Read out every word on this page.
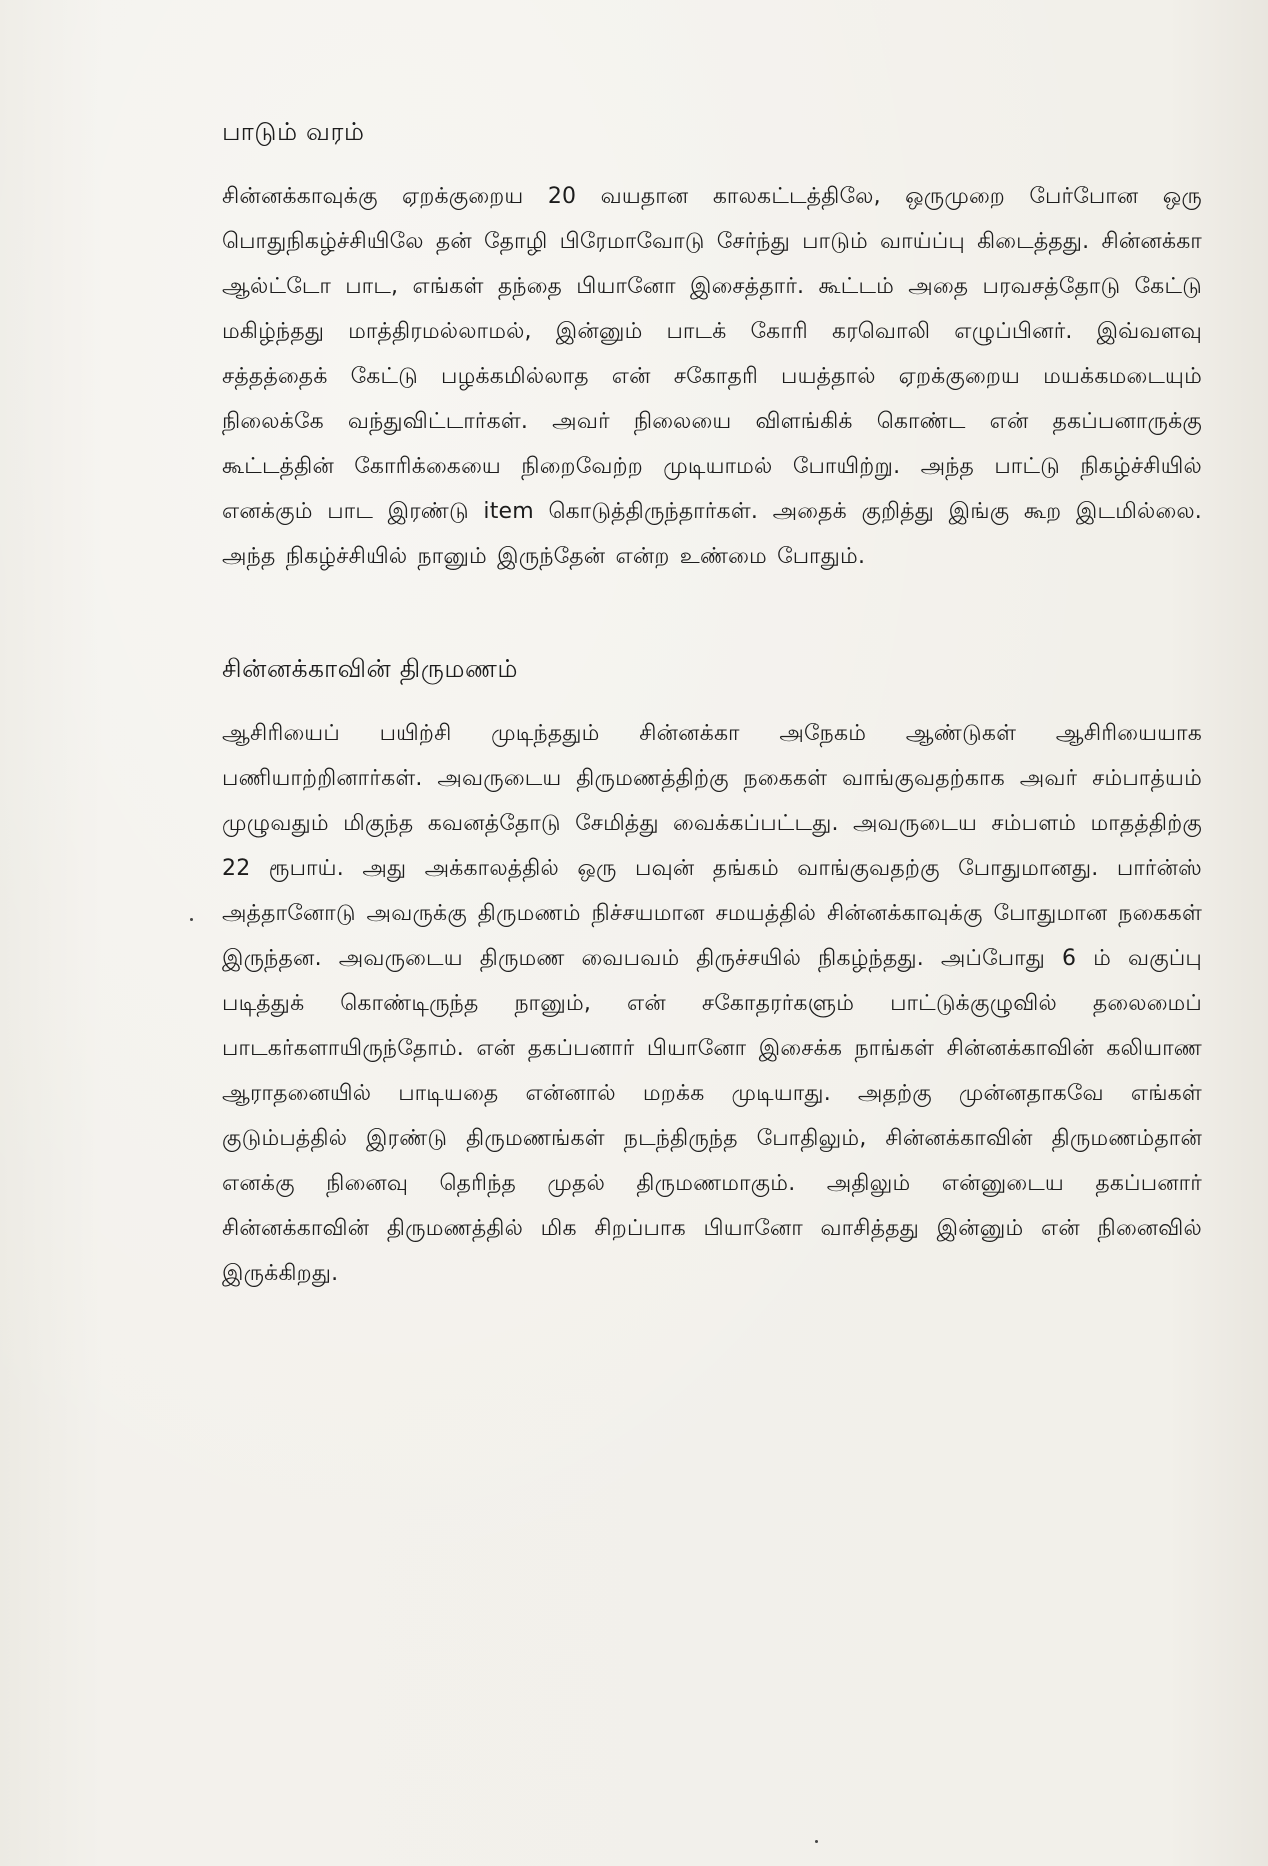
பாடும் வரம்

சின்னக்காவுக்கு ஏறக்குறைய 20 வயதான காலகட்டத்திலே, ஒருமுறை பேர்போன ஒரு பொதுநிகழ்ச்சியிலே தன் தோழி பிரேமாவோடு சேர்ந்து பாடும் வாய்ப்பு கிடைத்தது. சின்னக்கா ஆல்ட்டோ பாட, எங்கள் தந்தை பியானோ இசைத்தார். கூட்டம் அதை பரவசத்தோடு கேட்டு மகிழ்ந்தது மாத்திரமல்லாமல், இன்னும் பாடக் கோரி கரவொலி எழுப்பினர். இவ்வளவு சத்தத்தைக் கேட்டு பழக்கமில்லாத என் சகோதரி பயத்தால் ஏறக்குறைய மயக்கமடையும் நிலைக்கே வந்துவிட்டார்கள். அவர் நிலையை விளங்கிக் கொண்ட என் தகப்பனாருக்கு கூட்டத்தின் கோரிக்கையை நிறைவேற்ற முடியாமல் போயிற்று. அந்த பாட்டு நிகழ்ச்சியில் எனக்கும் பாட இரண்டு item கொடுத்திருந்தார்கள். அதைக் குறித்து இங்கு கூற இடமில்லை. அந்த நிகழ்ச்சியில் நானும் இருந்தேன் என்ற உண்மை போதும்.

சின்னக்காவின் திருமணம்

ஆசிரியைப் பயிற்சி முடிந்ததும் சின்னக்கா அநேகம் ஆண்டுகள் ஆசிரியையாக பணியாற்றினார்கள். அவருடைய திருமணத்திற்கு நகைகள் வாங்குவதற்காக அவர் சம்பாத்யம் முழுவதும் மிகுந்த கவனத்தோடு சேமித்து வைக்கப்பட்டது. அவருடைய சம்பளம் மாதத்திற்கு 22 ரூபாய். அது அக்காலத்தில் ஒரு பவுன் தங்கம் வாங்குவதற்கு போதுமானது. பார்ன்ஸ் அத்தானோடு அவருக்கு திருமணம் நிச்சயமான சமயத்தில் சின்னக்காவுக்கு போதுமான நகைகள் இருந்தன. அவருடைய திருமண வைபவம் திருச்சயில் நிகழ்ந்தது. அப்போது 6 ம் வகுப்பு படித்துக் கொண்டிருந்த நானும், என் சகோதரர்களும் பாட்டுக்குழுவில் தலைமைப் பாடகர்களாயிருந்தோம். என் தகப்பனார் பியானோ இசைக்க நாங்கள் சின்னக்காவின் கலியாண ஆராதனையில் பாடியதை என்னால் மறக்க முடியாது. அதற்கு முன்னதாகவே எங்கள் குடும்பத்தில் இரண்டு திருமணங்கள் நடந்திருந்த போதிலும், சின்னக்காவின் திருமணம்தான் எனக்கு நினைவு தெரிந்த முதல் திருமணமாகும். அதிலும் என்னுடைய தகப்பனார் சின்னக்காவின் திருமணத்தில் மிக சிறப்பாக பியானோ வாசித்தது இன்னும் என் நினைவில் இருக்கிறது.
